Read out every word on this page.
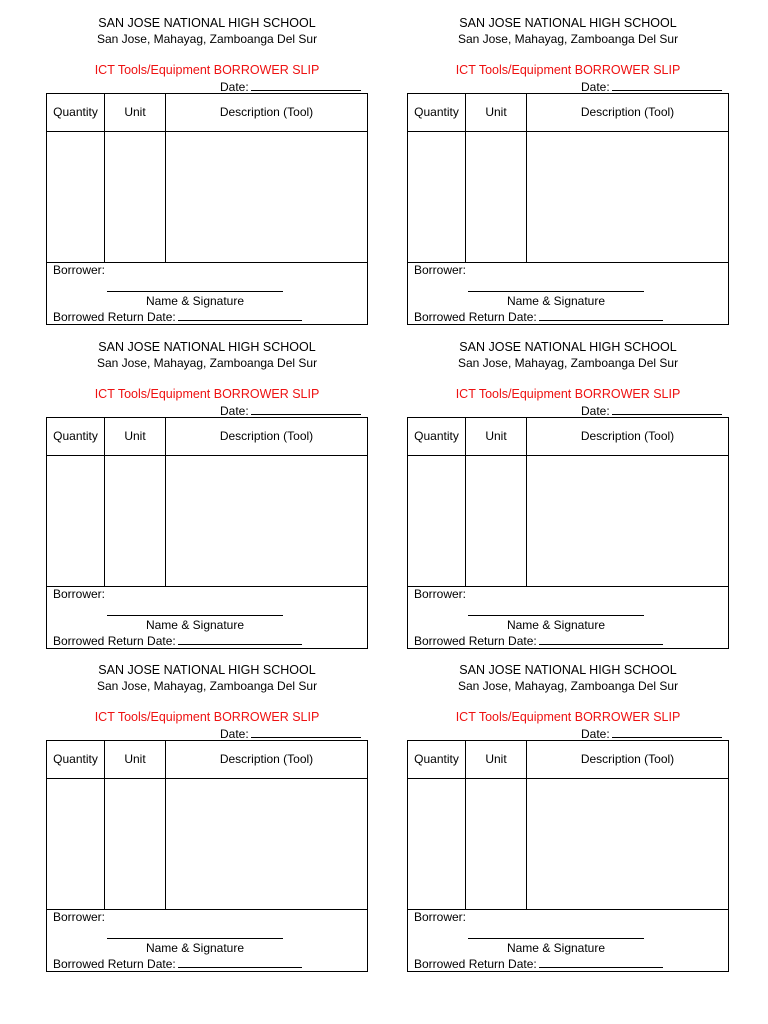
SAN JOSE NATIONAL HIGH SCHOOL
San Jose, Mahayag, Zamboanga Del Sur
ICT Tools/Equipment BORROWER SLIP
Date:
Quantity	Unit	Description (Tool)
Borrower:
Name & Signature
Borrowed Return Date:
SAN JOSE NATIONAL HIGH SCHOOL
San Jose, Mahayag, Zamboanga Del Sur
ICT Tools/Equipment BORROWER SLIP
Date:
Quantity	Unit	Description (Tool)
Borrower:
Name & Signature
Borrowed Return Date:
SAN JOSE NATIONAL HIGH SCHOOL
San Jose, Mahayag, Zamboanga Del Sur
ICT Tools/Equipment BORROWER SLIP
Date:
Quantity	Unit	Description (Tool)
Borrower:
Name & Signature
Borrowed Return Date:
SAN JOSE NATIONAL HIGH SCHOOL
San Jose, Mahayag, Zamboanga Del Sur
ICT Tools/Equipment BORROWER SLIP
Date:
Quantity	Unit	Description (Tool)
Borrower:
Name & Signature
Borrowed Return Date:
SAN JOSE NATIONAL HIGH SCHOOL
San Jose, Mahayag, Zamboanga Del Sur
ICT Tools/Equipment BORROWER SLIP
Date:
Quantity	Unit	Description (Tool)
Borrower:
Name & Signature
Borrowed Return Date:
SAN JOSE NATIONAL HIGH SCHOOL
San Jose, Mahayag, Zamboanga Del Sur
ICT Tools/Equipment BORROWER SLIP
Date:
Quantity	Unit	Description (Tool)
Borrower:
Name & Signature
Borrowed Return Date:
